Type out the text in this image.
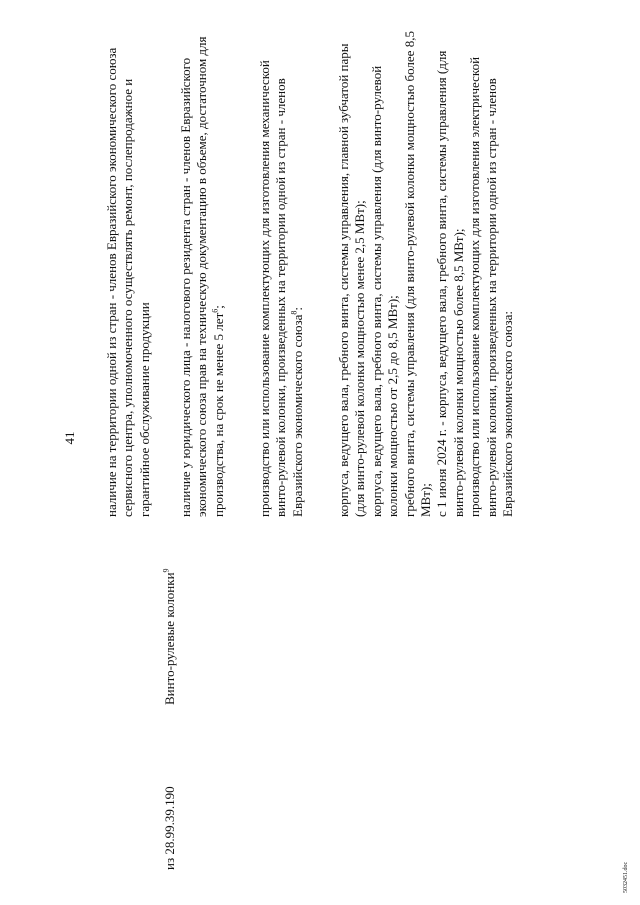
41
из 28.99.39.190
Винто-рулевые колонки$^9$
наличие на территории одной из стран - членов Евразийского экономического союза сервисного центра, уполномоченного осуществлять ремонт, послепродажное и гарантийное обслуживание продукции наличие у юридического лица - налогового резидента стран - членов Евразийского экономического союза прав на техническую документацию в объеме, достаточном для производства, на срок не менее 5 лет$^6$; производство или использование комплектующих для изготовления механической винто-рулевой колонки, произведенных на территории одной из стран - членов Евразийского экономического союза$^8$: корпуса, ведущего вала, гребного винта, системы управления, главной зубчатой пары (для винто-рулевой колонки мощностью менее 2,5 МВт); корпуса, ведущего вала, гребного винта, системы управления (для винто-рулевой колонки мощностью от 2,5 до 8,5 МВт); гребного винта, системы управления (для винто-рулевой колонки мощностью более 8,5 МВт); с 1 июня 2024 г. - корпуса, ведущего вала, гребного винта, системы управления (для винто-рулевой колонки мощностью более 8,5 МВт); производство или использование комплектующих для изготовления электрической винто-рулевой колонки, произведенных на территории одной из стран - членов Евразийского экономического союза:

5032451.doc
